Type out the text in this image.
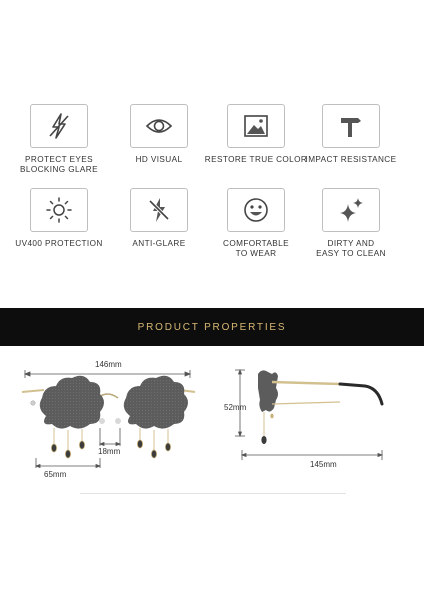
PROTECT EYES
BLOCKING GLARE
HD VISUAL	RESTORE TRUE COLOR
IMPACT RESISTANCE
UV400 PROTECTION	ANTI-GLARE	COMFORTABLE
TO WEAR
DIRTY AND
EASY TO CLEAN
PRODUCT PROPERTIES
146mm
18mm
65mm
52mm
145mm
